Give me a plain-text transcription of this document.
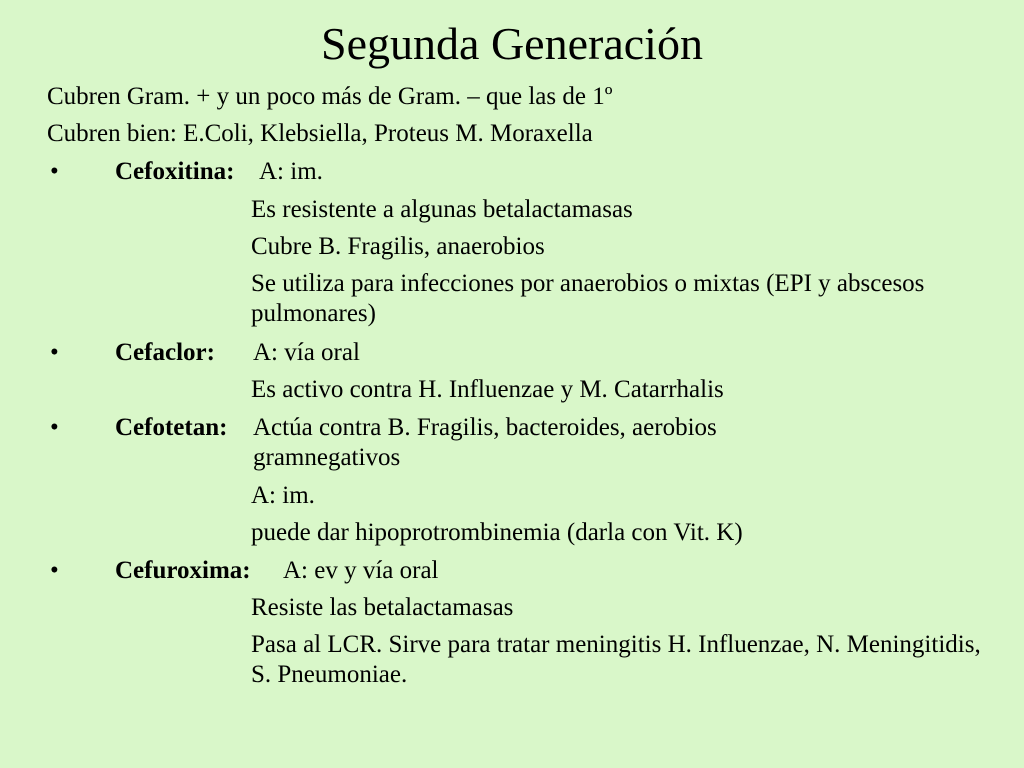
Segunda Generación
Cubren Gram. + y un poco más de Gram. – que las de 1º
Cubren bien: E.Coli, Klebsiella, Proteus M. Moraxella
• Cefoxitina: A: im.
Es resistente a algunas betalactamasas
Cubre B. Fragilis, anaerobios
Se utiliza para infecciones por anaerobios o mixtas (EPI y abscesos pulmonares)
• Cefaclor: A: vía oral
Es activo contra H. Influenzae y M. Catarrhalis
• Cefotetan: Actúa contra B. Fragilis, bacteroides, aerobios gramnegativos
A: im.
puede dar hipoprotrombinemia (darla con Vit. K)
• Cefuroxima: A: ev y vía oral
Resiste las betalactamasas
Pasa al LCR. Sirve para tratar meningitis H. Influenzae, N. Meningitidis, S. Pneumoniae.
